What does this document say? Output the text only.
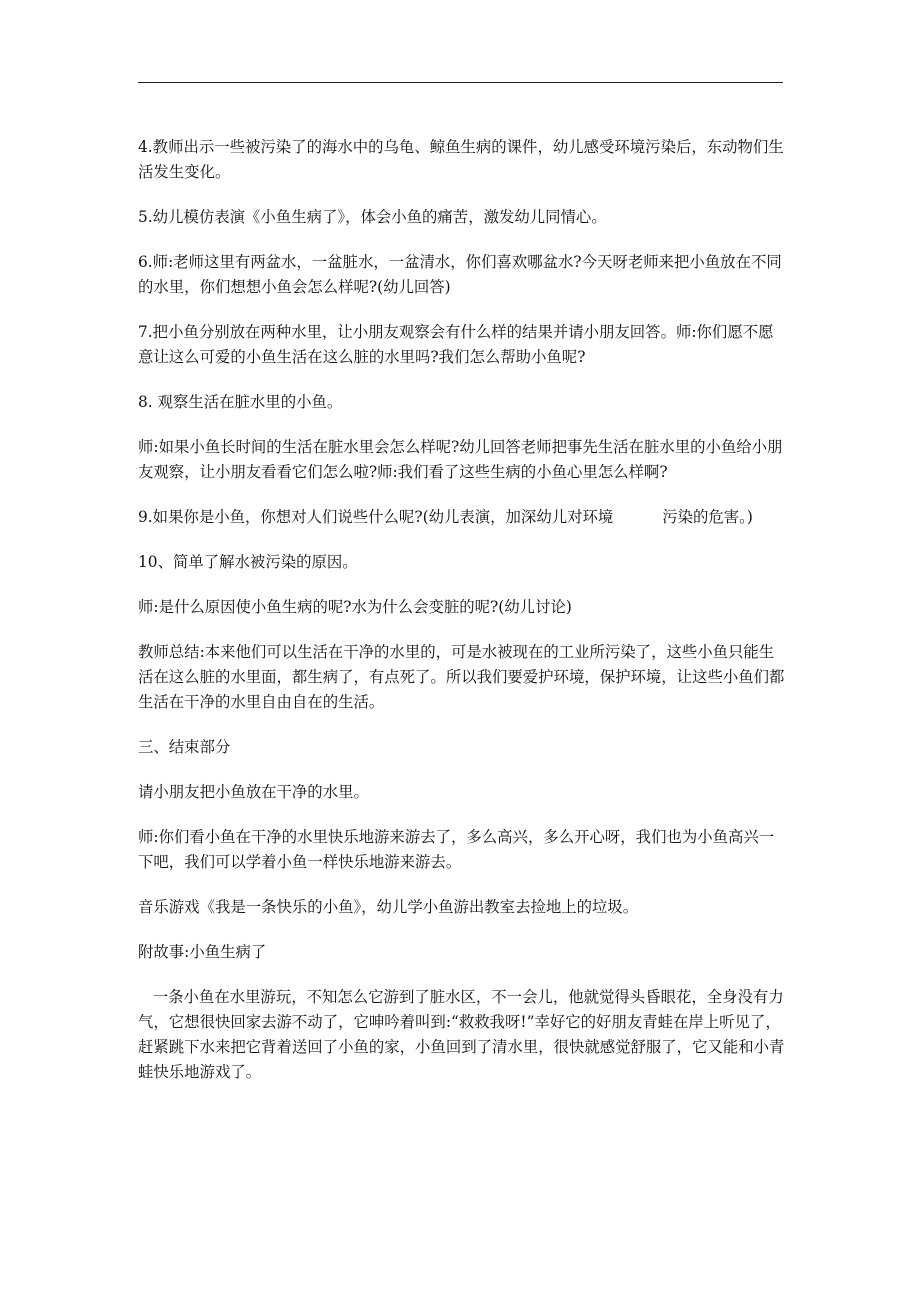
4.教师出示一些被污染了的海水中的乌龟、鲸鱼生病的课件，幼儿感受环境污染后，东动物们生活发生变化。

5.幼儿模仿表演《小鱼生病了》，体会小鱼的痛苦，激发幼儿同情心。

6.师:老师这里有两盆水，一盆脏水，一盆清水，你们喜欢哪盆水?今天呀老师来把小鱼放在不同的水里，你们想想小鱼会怎么样呢?(幼儿回答)

7.把小鱼分别放在两种水里，让小朋友观察会有什么样的结果并请小朋友回答。师:你们愿不愿意让这么可爱的小鱼生活在这么脏的水里吗?我们怎么帮助小鱼呢?

8. 观察生活在脏水里的小鱼。

师:如果小鱼长时间的生活在脏水里会怎么样呢?幼儿回答老师把事先生活在脏水里的小鱼给小朋友观察，让小朋友看看它们怎么啦?师:我们看了这些生病的小鱼心里怎么样啊?

9.如果你是小鱼，你想对人们说些什么呢?(幼儿表演，加深幼儿对环境          污染的危害。)

10、简单了解水被污染的原因。

师:是什么原因使小鱼生病的呢?水为什么会变脏的呢?(幼儿讨论)

教师总结:本来他们可以生活在干净的水里的，可是水被现在的工业所污染了，这些小鱼只能生活在这么脏的水里面，都生病了，有点死了。所以我们要爱护环境，保护环境，让这些小鱼们都生活在干净的水里自由自在的生活。

三、结束部分

请小朋友把小鱼放在干净的水里。

师:你们看小鱼在干净的水里快乐地游来游去了，多么高兴，多么开心呀，我们也为小鱼高兴一下吧，我们可以学着小鱼一样快乐地游来游去。

音乐游戏《我是一条快乐的小鱼》，幼儿学小鱼游出教室去捡地上的垃圾。

附故事:小鱼生病了

一条小鱼在水里游玩，不知怎么它游到了脏水区，不一会儿，他就觉得头昏眼花，全身没有力气，它想很快回家去游不动了，它呻吟着叫到:“救救我呀!”幸好它的好朋友青蛙在岸上听见了，赶紧跳下水来把它背着送回了小鱼的家，小鱼回到了清水里，很快就感觉舒服了，它又能和小青蛙快乐地游戏了。
